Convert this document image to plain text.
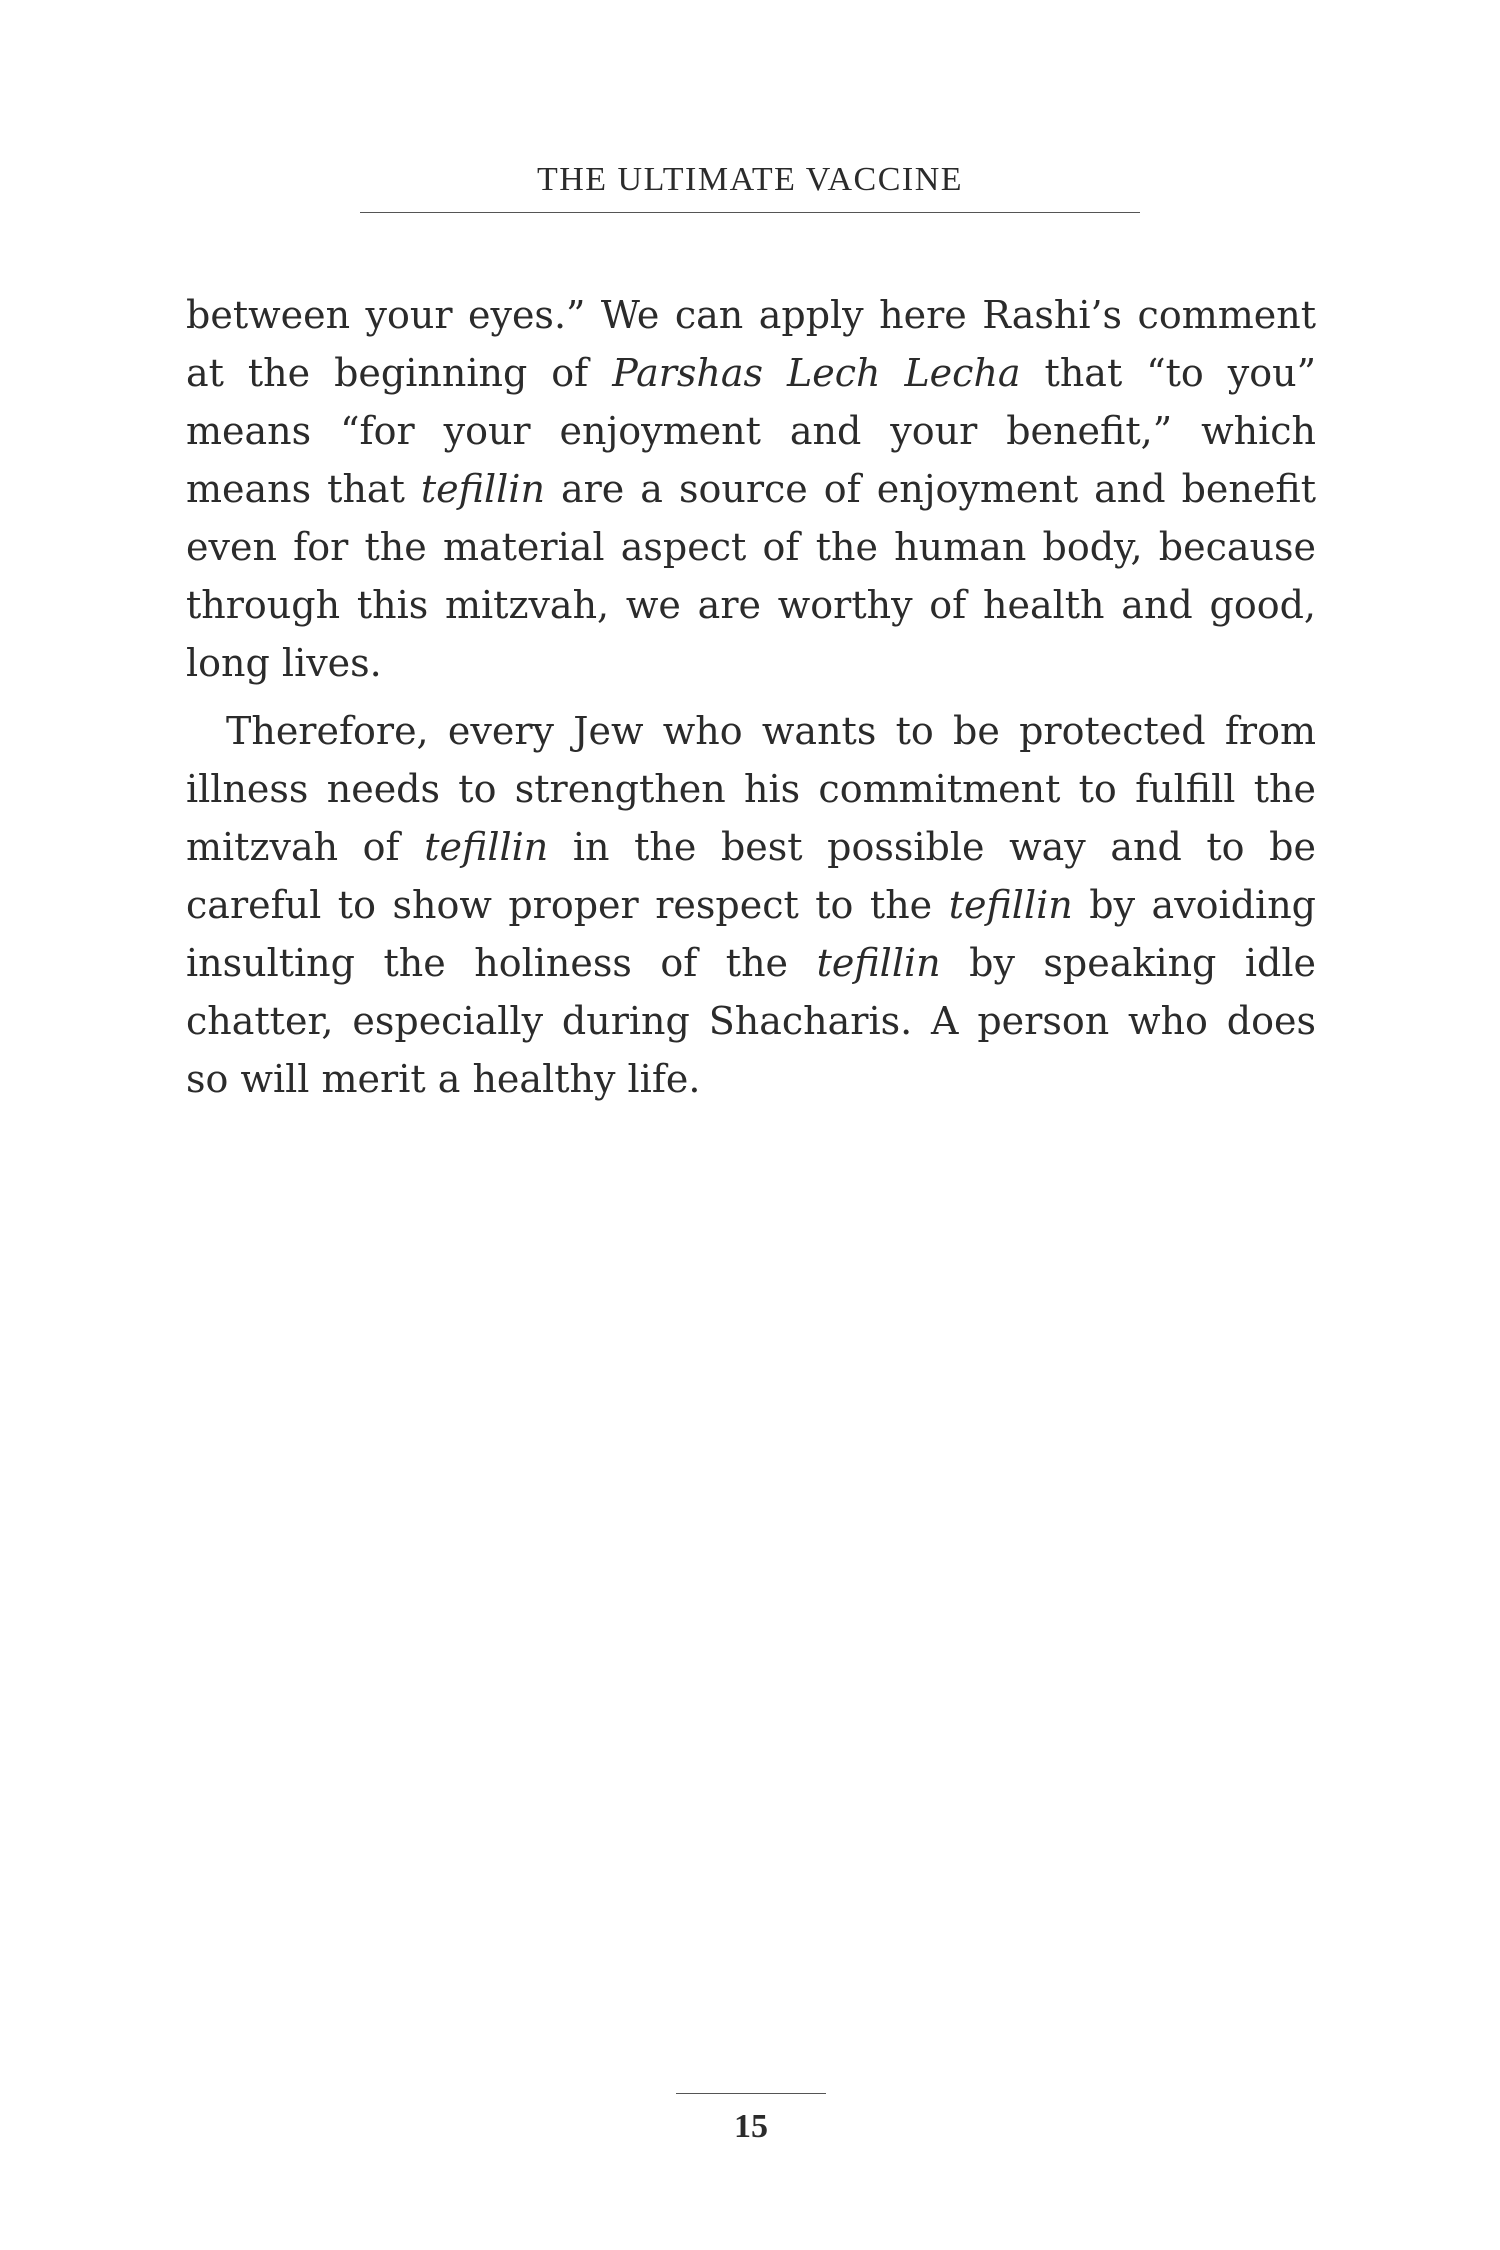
THE ULTIMATE VACCINE

between your eyes.” We can apply here Rashi’s comment at the beginning of Parshas Lech Lecha that “to you” means “for your enjoyment and your benefit,” which means that tefillin are a source of enjoyment and benefit even for the material aspect of the human body, because through this mitzvah, we are worthy of health and good, long lives.

Therefore, every Jew who wants to be protected from illness needs to strengthen his commitment to fulfill the mitzvah of tefillin in the best possible way and to be careful to show proper respect to the tefillin by avoiding insulting the holiness of the tefillin by speaking idle chatter, especially during Shacharis. A person who does so will merit a healthy life.

15
